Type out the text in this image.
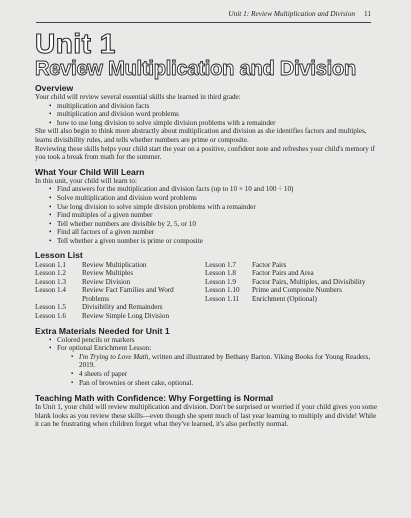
Unit 1: Review Multiplication and Division 11
Unit 1
Review Multiplication and Division
Overview

Your child will review several essential skills she learned in third grade:

• multiplication and division facts
• multiplication and division word problems
• how to use long division to solve simple division problems with a remainder

She will also begin to think more abstractly about multiplication and division as she identifies factors and multiples, learns divisibility rules, and tells whether numbers are prime or composite.

Reviewing these skills helps your child start the year on a positive, confident note and refreshes your child's memory if you took a break from math for the summer.

What Your Child Will Learn

In this unit, your child will learn to:

• Find answers for the multiplication and division facts (up to 10 × 10 and 100 ÷ 10)
• Solve multiplication and division word problems
• Use long division to solve simple division problems with a remainder
• Find multiples of a given number
• Tell whether numbers are divisible by 2, 5, or 10
• Find all factors of a given number
• Tell whether a given number is prime or composite
Lesson List
Lesson 1.1	Review Multiplication
Lesson 1.2	Review Multiples
Lesson 1.3	Review Division
Lesson 1.4	Review Fact Families and Word Problems
Lesson 1.5	Divisibility and Remainders
Lesson 1.6	Review Simple Long Division
Lesson 1.7	Factor Pairs
Lesson 1.8	Factor Pairs and Area
Lesson 1.9	Factor Pairs, Multiples, and Divisibility
Lesson 1.10	Prime and Composite Numbers
Lesson 1.11	Enrichment (Optional)
Extra Materials Needed for Unit 1
• Colored pencils or markers
• For optional Enrichment Lesson:
▪ I'm Trying to Love Math, written and illustrated by Bethany Barton. Viking Books for Young Readers, 2019.
▪ 4 sheets of paper
▪ Pan of brownies or sheet cake, optional.
Teaching Math with Confidence: Why Forgetting is Normal

In Unit 1, your child will review multiplication and division. Don't be surprised or worried if your child gives you some blank looks as you review these skills—even though she spent much of last year learning to multiply and divide! While it can be frustrating when children forget what they've learned, it's also perfectly normal.
